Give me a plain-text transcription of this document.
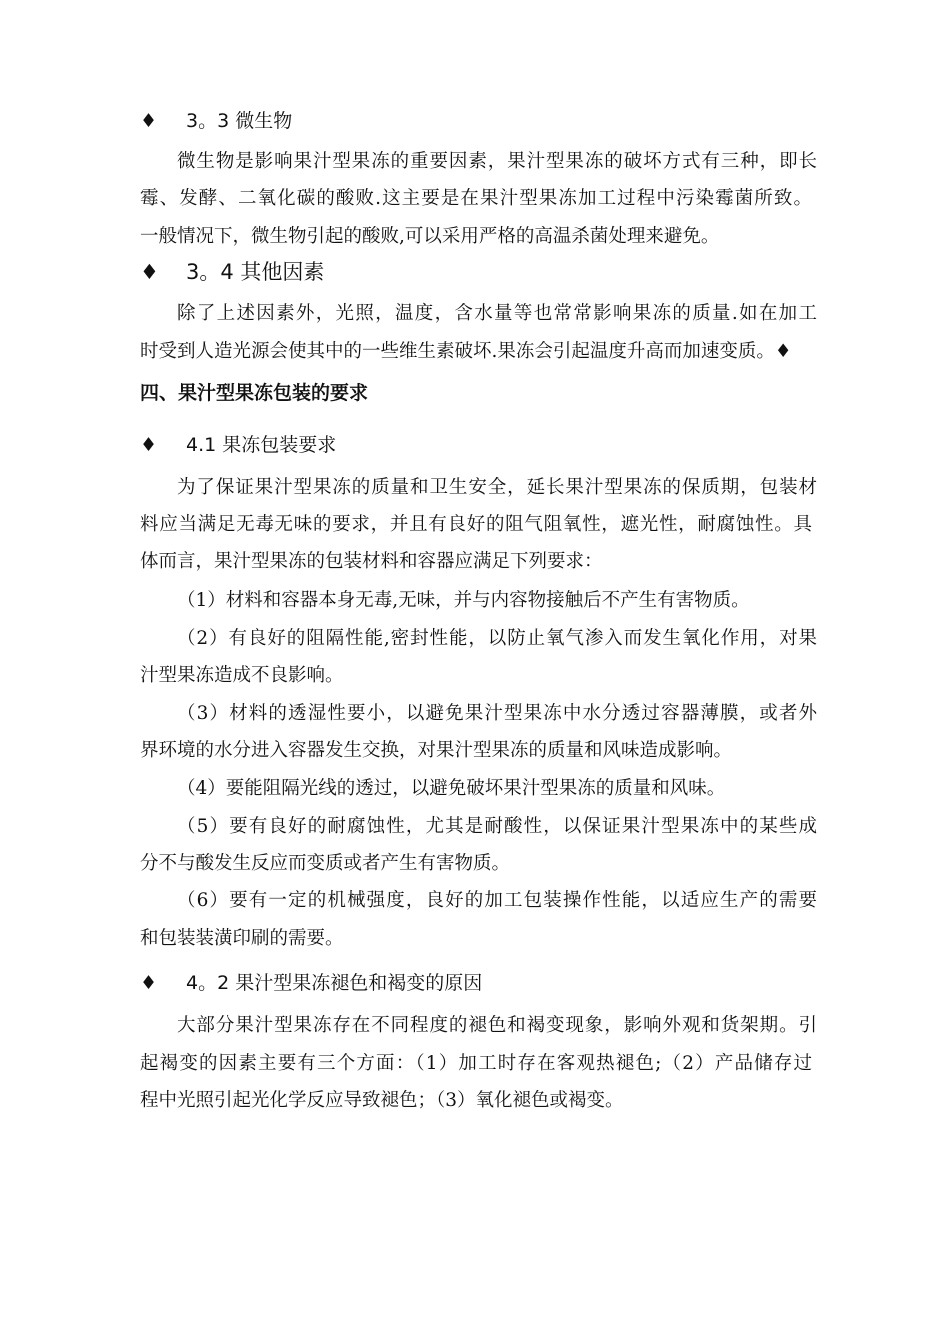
♦ 3。3 微生物
微生物是影响果汁型果冻的重要因素，果汁型果冻的破坏方式有三种，即长
霉、发酵、二氧化碳的酸败.这主要是在果汁型果冻加工过程中污染霉菌所致。
一般情况下，微生物引起的酸败,可以采用严格的高温杀菌处理来避免。
♦ 3。4 其他因素
除了上述因素外，光照，温度，含水量等也常常影响果冻的质量.如在加工
时受到人造光源会使其中的一些维生素破坏.果冻会引起温度升高而加速变质。♦
四、果汁型果冻包装的要求
♦ 4.1 果冻包装要求
为了保证果汁型果冻的质量和卫生安全，延长果汁型果冻的保质期，包装材
料应当满足无毒无味的要求，并且有良好的阻气阻氧性，遮光性，耐腐蚀性。具
体而言，果汁型果冻的包装材料和容器应满足下列要求：
（1）材料和容器本身无毒,无味，并与内容物接触后不产生有害物质。
（2）有良好的阻隔性能,密封性能，以防止氧气渗入而发生氧化作用，对果
汁型果冻造成不良影响。
（3）材料的透湿性要小，以避免果汁型果冻中水分透过容器薄膜，或者外
界环境的水分进入容器发生交换，对果汁型果冻的质量和风味造成影响。
（4）要能阻隔光线的透过，以避免破坏果汁型果冻的质量和风味。
（5）要有良好的耐腐蚀性，尤其是耐酸性，以保证果汁型果冻中的某些成
分不与酸发生反应而变质或者产生有害物质。
（6）要有一定的机械强度，良好的加工包装操作性能，以适应生产的需要
和包装装潢印刷的需要。
♦ 4。2 果汁型果冻褪色和褐变的原因
大部分果汁型果冻存在不同程度的褪色和褐变现象，影响外观和货架期。引
起褐变的因素主要有三个方面：（1）加工时存在客观热褪色;（2）产品储存过
程中光照引起光化学反应导致褪色；（3）氧化褪色或褐变。
